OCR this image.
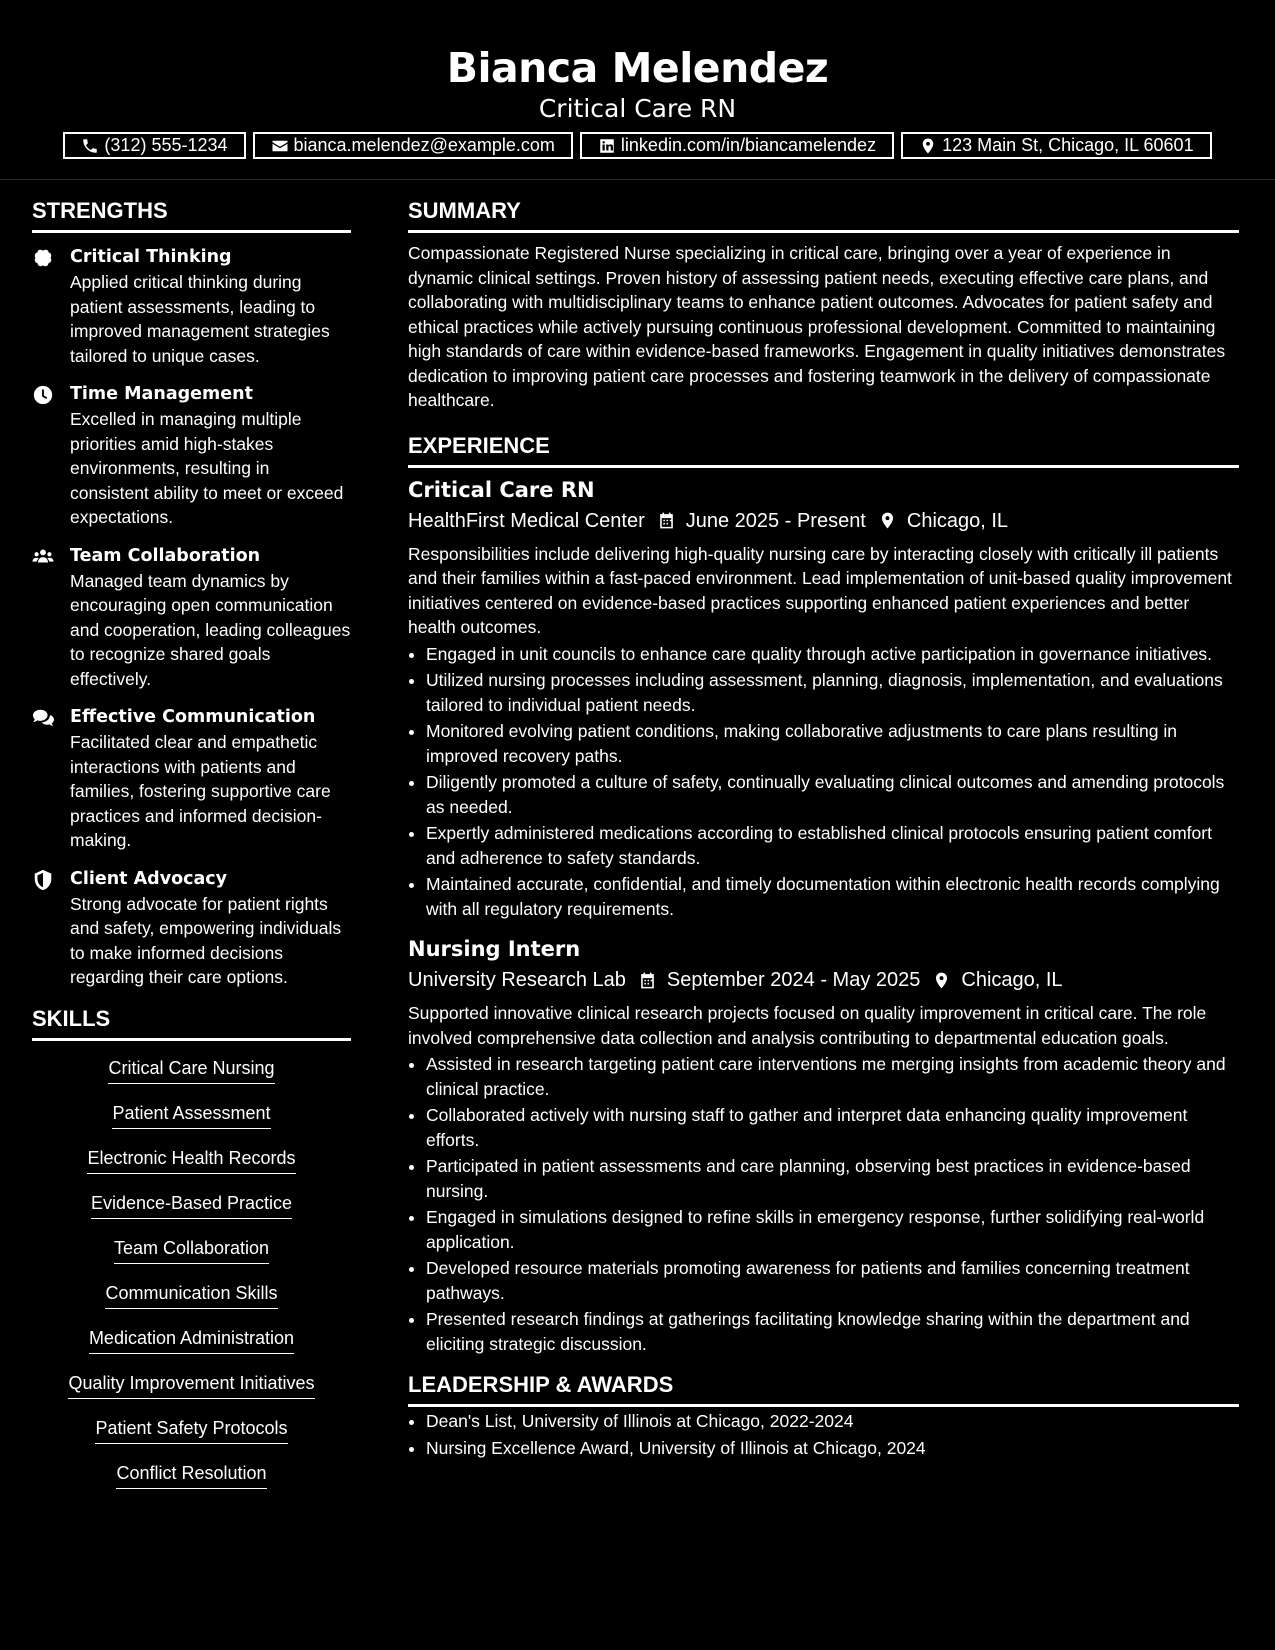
Bianca Melendez
Critical Care RN
(312) 555-1234	bianca.melendez@example.com	linkedin.com/in/biancamelendez	123 Main St, Chicago, IL 60601
STRENGTHS
Critical Thinking
Applied critical thinking during patient assessments, leading to improved management strategies tailored to unique cases.
Time Management
Excelled in managing multiple priorities amid high-stakes environments, resulting in consistent ability to meet or exceed expectations.
Team Collaboration
Managed team dynamics by encouraging open communication and cooperation, leading colleagues to recognize shared goals effectively.
Effective Communication
Facilitated clear and empathetic interactions with patients and families, fostering supportive care practices and informed decision-making.
Client Advocacy
Strong advocate for patient rights and safety, empowering individuals to make informed decisions regarding their care options.
SKILLS
Critical Care Nursing
Patient Assessment
Electronic Health Records
Evidence-Based Practice
Team Collaboration
Communication Skills
Medication Administration
Quality Improvement Initiatives
Patient Safety Protocols
Conflict Resolution
SUMMARY
Compassionate Registered Nurse specializing in critical care, bringing over a year of experience in dynamic clinical settings. Proven history of assessing patient needs, executing effective care plans, and collaborating with multidisciplinary teams to enhance patient outcomes. Advocates for patient safety and ethical practices while actively pursuing continuous professional development. Committed to maintaining high standards of care within evidence-based frameworks. Engagement in quality initiatives demonstrates dedication to improving patient care processes and fostering teamwork in the delivery of compassionate healthcare.
EXPERIENCE
Critical Care RN
HealthFirst Medical Center June 2025 - Present Chicago, IL
Responsibilities include delivering high-quality nursing care by interacting closely with critically ill patients and their families within a fast-paced environment. Lead implementation of unit-based quality improvement initiatives centered on evidence-based practices supporting enhanced patient experiences and better health outcomes.
• Engaged in unit councils to enhance care quality through active participation in governance initiatives.
• Utilized nursing processes including assessment, planning, diagnosis, implementation, and evaluations tailored to individual patient needs.
• Monitored evolving patient conditions, making collaborative adjustments to care plans resulting in improved recovery paths.
• Diligently promoted a culture of safety, continually evaluating clinical outcomes and amending protocols as needed.
• Expertly administered medications according to established clinical protocols ensuring patient comfort and adherence to safety standards.
• Maintained accurate, confidential, and timely documentation within electronic health records complying with all regulatory requirements.
Nursing Intern
University Research Lab September 2024 - May 2025 Chicago, IL
Supported innovative clinical research projects focused on quality improvement in critical care. The role involved comprehensive data collection and analysis contributing to departmental education goals.
• Assisted in research targeting patient care interventions me merging insights from academic theory and clinical practice.
• Collaborated actively with nursing staff to gather and interpret data enhancing quality improvement efforts.
• Participated in patient assessments and care planning, observing best practices in evidence-based nursing.
• Engaged in simulations designed to refine skills in emergency response, further solidifying real-world application.
• Developed resource materials promoting awareness for patients and families concerning treatment pathways.
• Presented research findings at gatherings facilitating knowledge sharing within the department and eliciting strategic discussion.
LEADERSHIP & AWARDS
• Dean's List, University of Illinois at Chicago, 2022-2024
• Nursing Excellence Award, University of Illinois at Chicago, 2024
